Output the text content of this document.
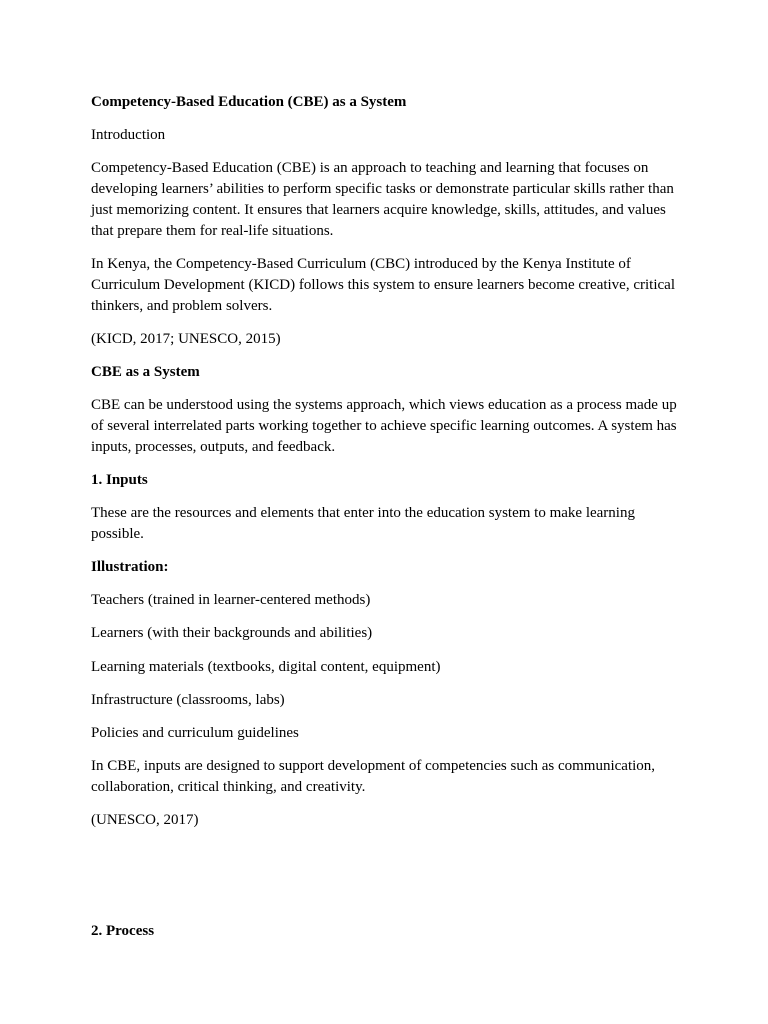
Competency-Based Education (CBE) as a System

Introduction

Competency-Based Education (CBE) is an approach to teaching and learning that focuses on developing learners’ abilities to perform specific tasks or demonstrate particular skills rather than just memorizing content. It ensures that learners acquire knowledge, skills, attitudes, and values that prepare them for real-life situations.

In Kenya, the Competency-Based Curriculum (CBC) introduced by the Kenya Institute of Curriculum Development (KICD) follows this system to ensure learners become creative, critical thinkers, and problem solvers.

(KICD, 2017; UNESCO, 2015)

CBE as a System

CBE can be understood using the systems approach, which views education as a process made up of several interrelated parts working together to achieve specific learning outcomes. A system has inputs, processes, outputs, and feedback.

1. Inputs

These are the resources and elements that enter into the education system to make learning possible.

Illustration:

Teachers (trained in learner-centered methods)

Learners (with their backgrounds and abilities)

Learning materials (textbooks, digital content, equipment)

Infrastructure (classrooms, labs)

Policies and curriculum guidelines

In CBE, inputs are designed to support development of competencies such as communication, collaboration, critical thinking, and creativity.

(UNESCO, 2017)

2. Process
